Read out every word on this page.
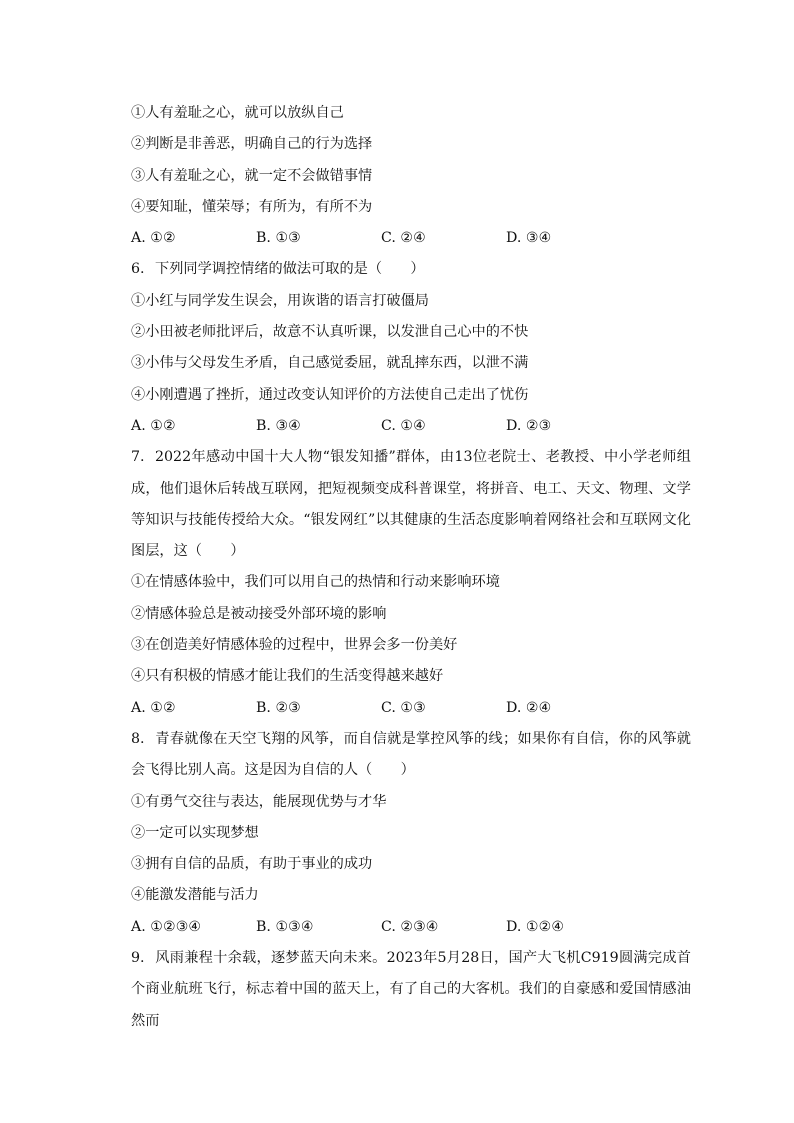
①人有羞耻之心，就可以放纵自己
②判断是非善恶，明确自己的行为选择
③人有羞耻之心，就一定不会做错事情
④要知耻，懂荣辱；有所为，有所不为
A. ①②	B. ①③	C. ②④	D. ③④
6. 下列同学调控情绪的做法可取的是（　　）
①小红与同学发生误会，用诙谐的语言打破僵局
②小田被老师批评后，故意不认真听课，以发泄自己心中的不快
③小伟与父母发生矛盾，自己感觉委屈，就乱摔东西，以泄不满
④小刚遭遇了挫折，通过改变认知评价的方法使自己走出了忧伤
A. ①②	B. ③④	C. ①④	D. ②③
7. 2022年感动中国十大人物“银发知播”群体，由13位老院士、老教授、中小学老师组成，他们退休后转战互联网，把短视频变成科普课堂，将拼音、电工、天文、物理、文学等知识与技能传授给大众。“银发网红”以其健康的生活态度影响着网络社会和互联网文化图层，这（　　）
①在情感体验中，我们可以用自己的热情和行动来影响环境
②情感体验总是被动接受外部环境的影响
③在创造美好情感体验的过程中，世界会多一份美好
④只有积极的情感才能让我们的生活变得越来越好
A. ①②	B. ②③	C. ①③	D. ②④
8. 青春就像在天空飞翔的风筝，而自信就是掌控风筝的线；如果你有自信，你的风筝就会飞得比别人高。这是因为自信的人（　　）
①有勇气交往与表达，能展现优势与才华
②一定可以实现梦想
③拥有自信的品质，有助于事业的成功
④能激发潜能与活力
A. ①②③④	B. ①③④	C. ②③④	D. ①②④
9. 风雨兼程十余载，逐梦蓝天向未来。2023年5月28日，国产大飞机C919圆满完成首个商业航班飞行，标志着中国的蓝天上，有了自己的大客机。我们的自豪感和爱国情感油然而
